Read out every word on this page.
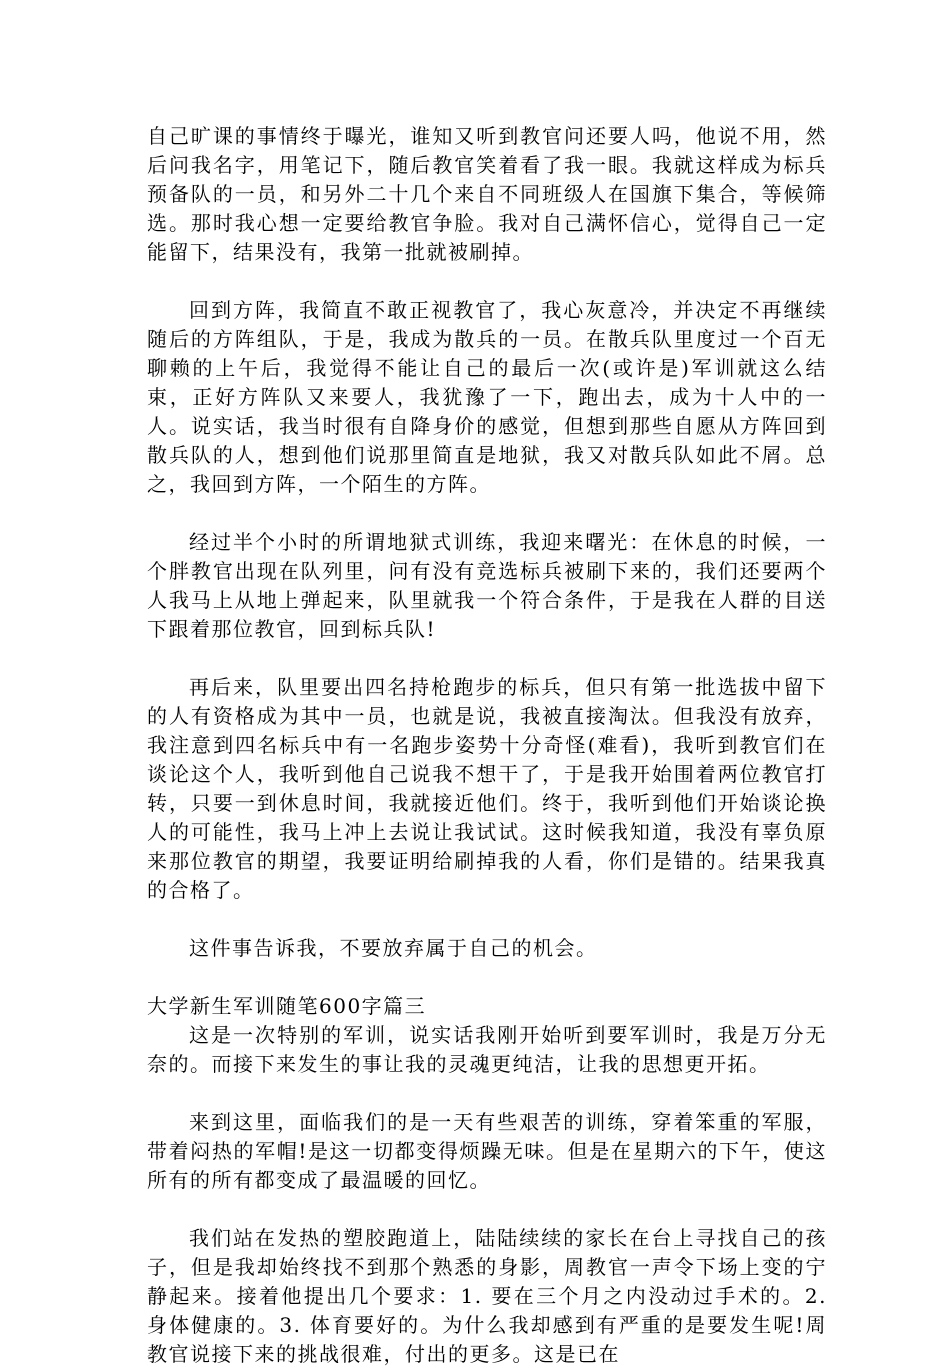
自己旷课的事情终于曝光，谁知又听到教官问还要人吗，他说不用，然后问我名字，用笔记下，随后教官笑着看了我一眼。我就这样成为标兵预备队的一员，和另外二十几个来自不同班级人在国旗下集合，等候筛选。那时我心想一定要给教官争脸。我对自己满怀信心，觉得自己一定能留下，结果没有，我第一批就被刷掉。

回到方阵，我简直不敢正视教官了，我心灰意冷，并决定不再继续随后的方阵组队，于是，我成为散兵的一员。在散兵队里度过一个百无聊赖的上午后，我觉得不能让自己的最后一次(或许是)军训就这么结束，正好方阵队又来要人，我犹豫了一下，跑出去，成为十人中的一人。说实话，我当时很有自降身价的感觉，但想到那些自愿从方阵回到散兵队的人，想到他们说那里简直是地狱，我又对散兵队如此不屑。总之，我回到方阵，一个陌生的方阵。

经过半个小时的所谓地狱式训练，我迎来曙光：在休息的时候，一个胖教官出现在队列里，问有没有竞选标兵被刷下来的，我们还要两个人我马上从地上弹起来，队里就我一个符合条件，于是我在人群的目送下跟着那位教官，回到标兵队!

再后来，队里要出四名持枪跑步的标兵，但只有第一批选拔中留下的人有资格成为其中一员，也就是说，我被直接淘汰。但我没有放弃，我注意到四名标兵中有一名跑步姿势十分奇怪(难看)，我听到教官们在谈论这个人，我听到他自己说我不想干了，于是我开始围着两位教官打转，只要一到休息时间，我就接近他们。终于，我听到他们开始谈论换人的可能性，我马上冲上去说让我试试。这时候我知道，我没有辜负原来那位教官的期望，我要证明给刷掉我的人看，你们是错的。结果我真的合格了。

这件事告诉我，不要放弃属于自己的机会。

大学新生军训随笔600字篇三

这是一次特别的军训，说实话我刚开始听到要军训时，我是万分无奈的。而接下来发生的事让我的灵魂更纯洁，让我的思想更开拓。

来到这里，面临我们的是一天有些艰苦的训练，穿着笨重的军服，带着闷热的军帽!是这一切都变得烦躁无味。但是在星期六的下午，使这所有的所有都变成了最温暖的回忆。

我们站在发热的塑胶跑道上，陆陆续续的家长在台上寻找自己的孩子，但是我却始终找不到那个熟悉的身影，周教官一声令下场上变的宁静起来。接着他提出几个要求：1. 要在三个月之内没动过手术的。2. 身体健康的。3. 体育要好的。为什么我却感到有严重的是要发生呢!周教官说接下来的挑战很难，付出的更多。这是已在
